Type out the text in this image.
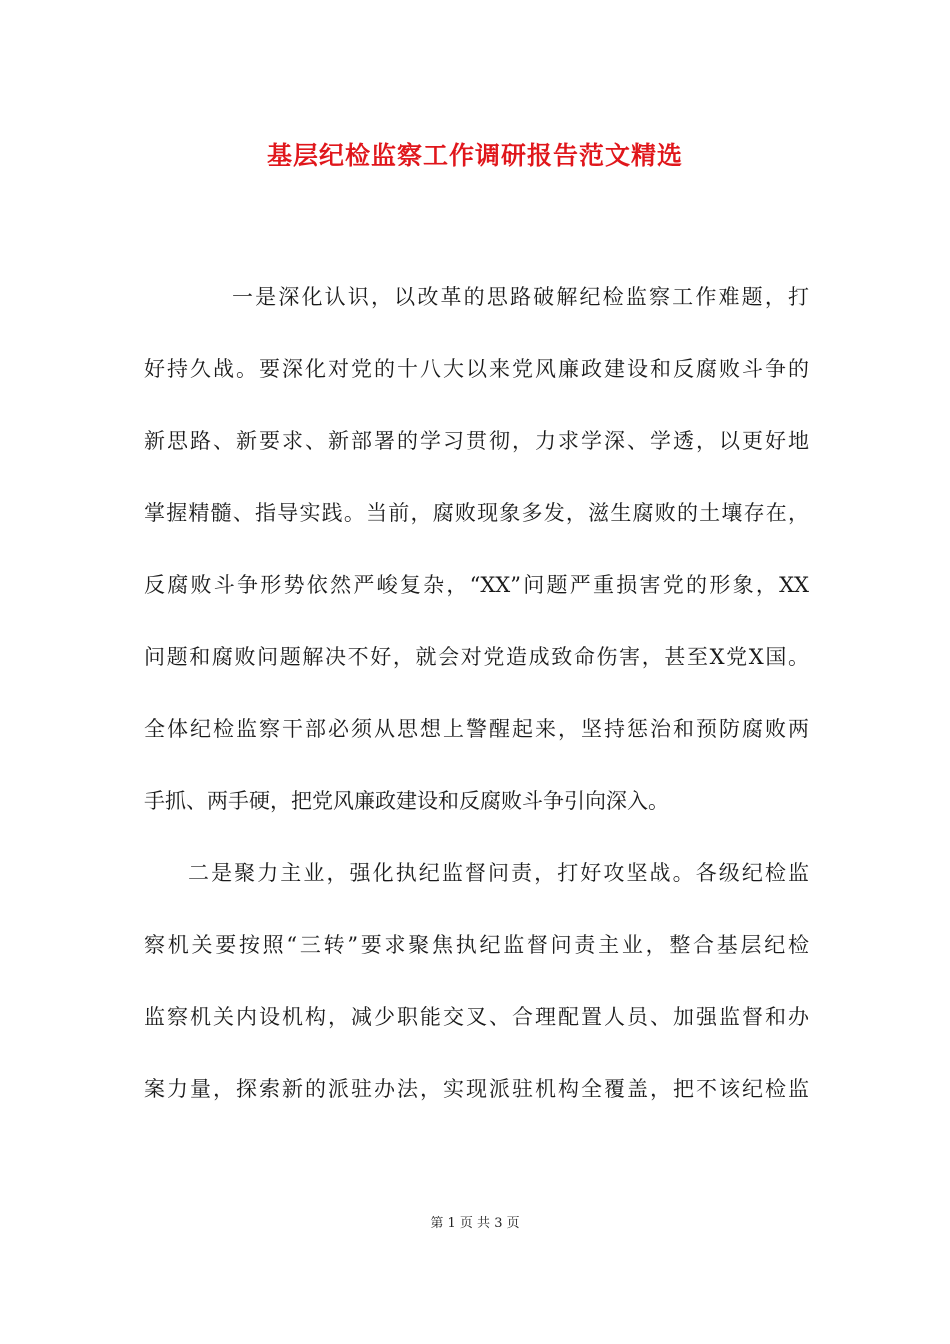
基层纪检监察工作调研报告范文精选
一是深化认识，以改革的思路破解纪检监察工作难题，打
好持久战。要深化对党的十八大以来党风廉政建设和反腐败斗争的
新思路、新要求、新部署的学习贯彻，力求学深、学透，以更好地
掌握精髓、指导实践。当前，腐败现象多发，滋生腐败的土壤存在，
反腐败斗争形势依然严峻复杂，“XX”问题严重损害党的形象，XX
问题和腐败问题解决不好，就会对党造成致命伤害，甚至X党X国。
全体纪检监察干部必须从思想上警醒起来，坚持惩治和预防腐败两
手抓、两手硬，把党风廉政建设和反腐败斗争引向深入。
二是聚力主业，强化执纪监督问责，打好攻坚战。各级纪检监
察机关要按照“三转”要求聚焦执纪监督问责主业，整合基层纪检
监察机关内设机构，减少职能交叉、合理配置人员、加强监督和办
案力量，探索新的派驻办法，实现派驻机构全覆盖，把不该纪检监
第 1 页 共 3 页
